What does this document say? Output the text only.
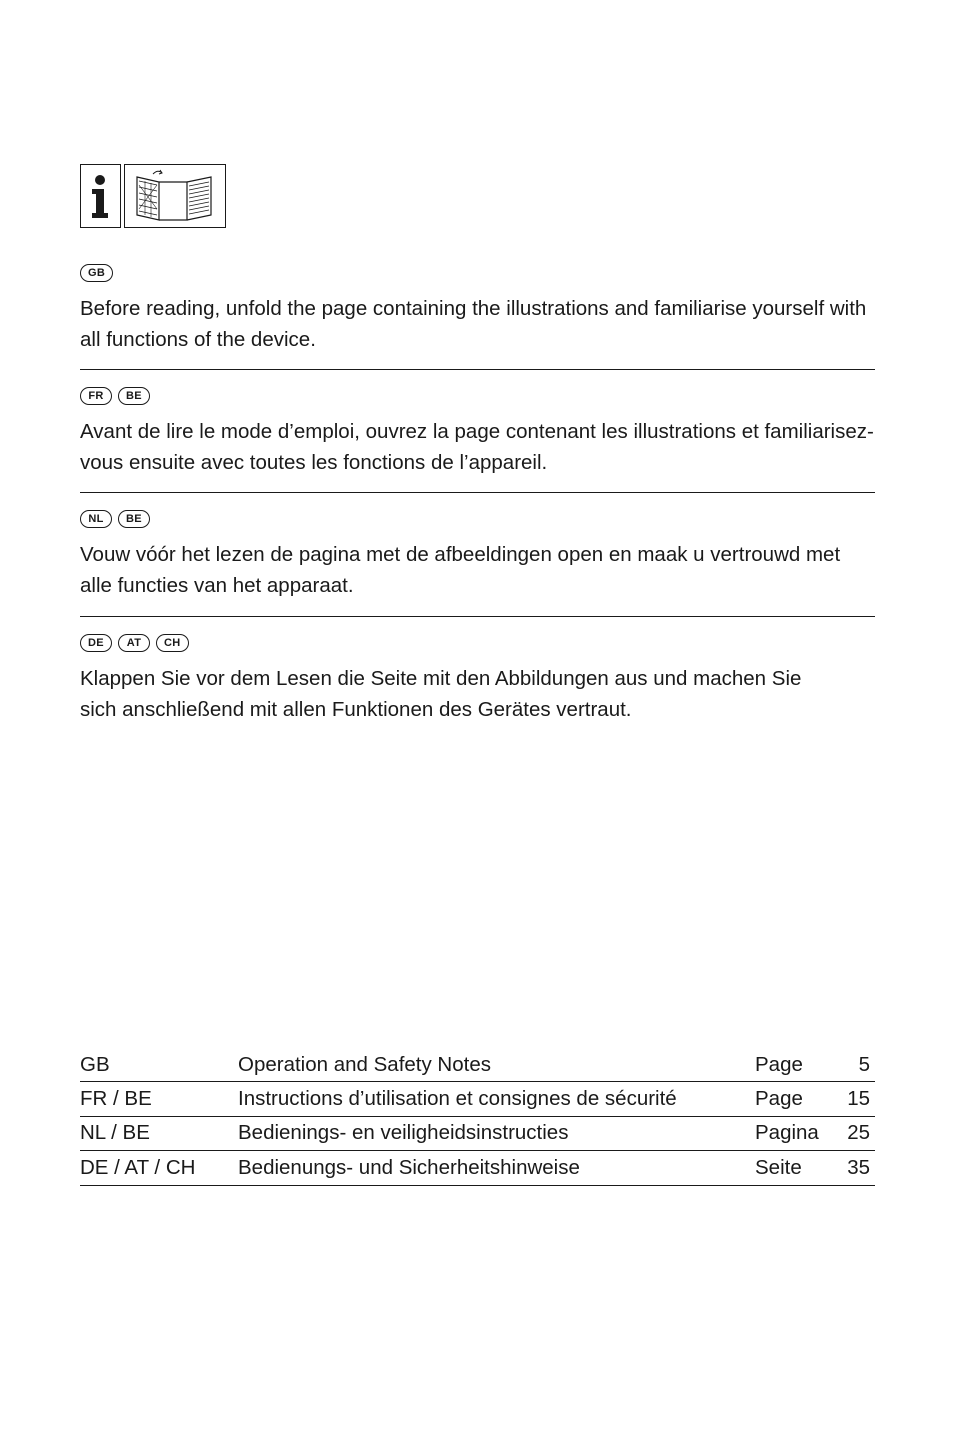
GB
Before reading, unfold the page containing the illustrations and familiarise yourself with all functions of the device.
FR	BE
Avant de lire le mode d’emploi, ouvrez la page contenant les illustrations et familiarisez-vous ensuite avec toutes les fonctions de l’appareil.
NL	BE
Vouw vóór het lezen de pagina met de afbeeldingen open en maak u vertrouwd met alle functies van het apparaat.
DE	AT	CH
Klappen Sie vor dem Lesen die Seite mit den Abbildungen aus und machen Sie sich anschließend mit allen Funktionen des Gerätes vertraut.
GB	Operation and Safety Notes	Page	5
FR / BE	Instructions d’utilisation et consignes de sécurité	Page	15
NL / BE	Bedienings- en veiligheidsinstructies	Pagina	25
DE / AT / CH	Bedienungs- und Sicherheitshinweise	Seite	35
